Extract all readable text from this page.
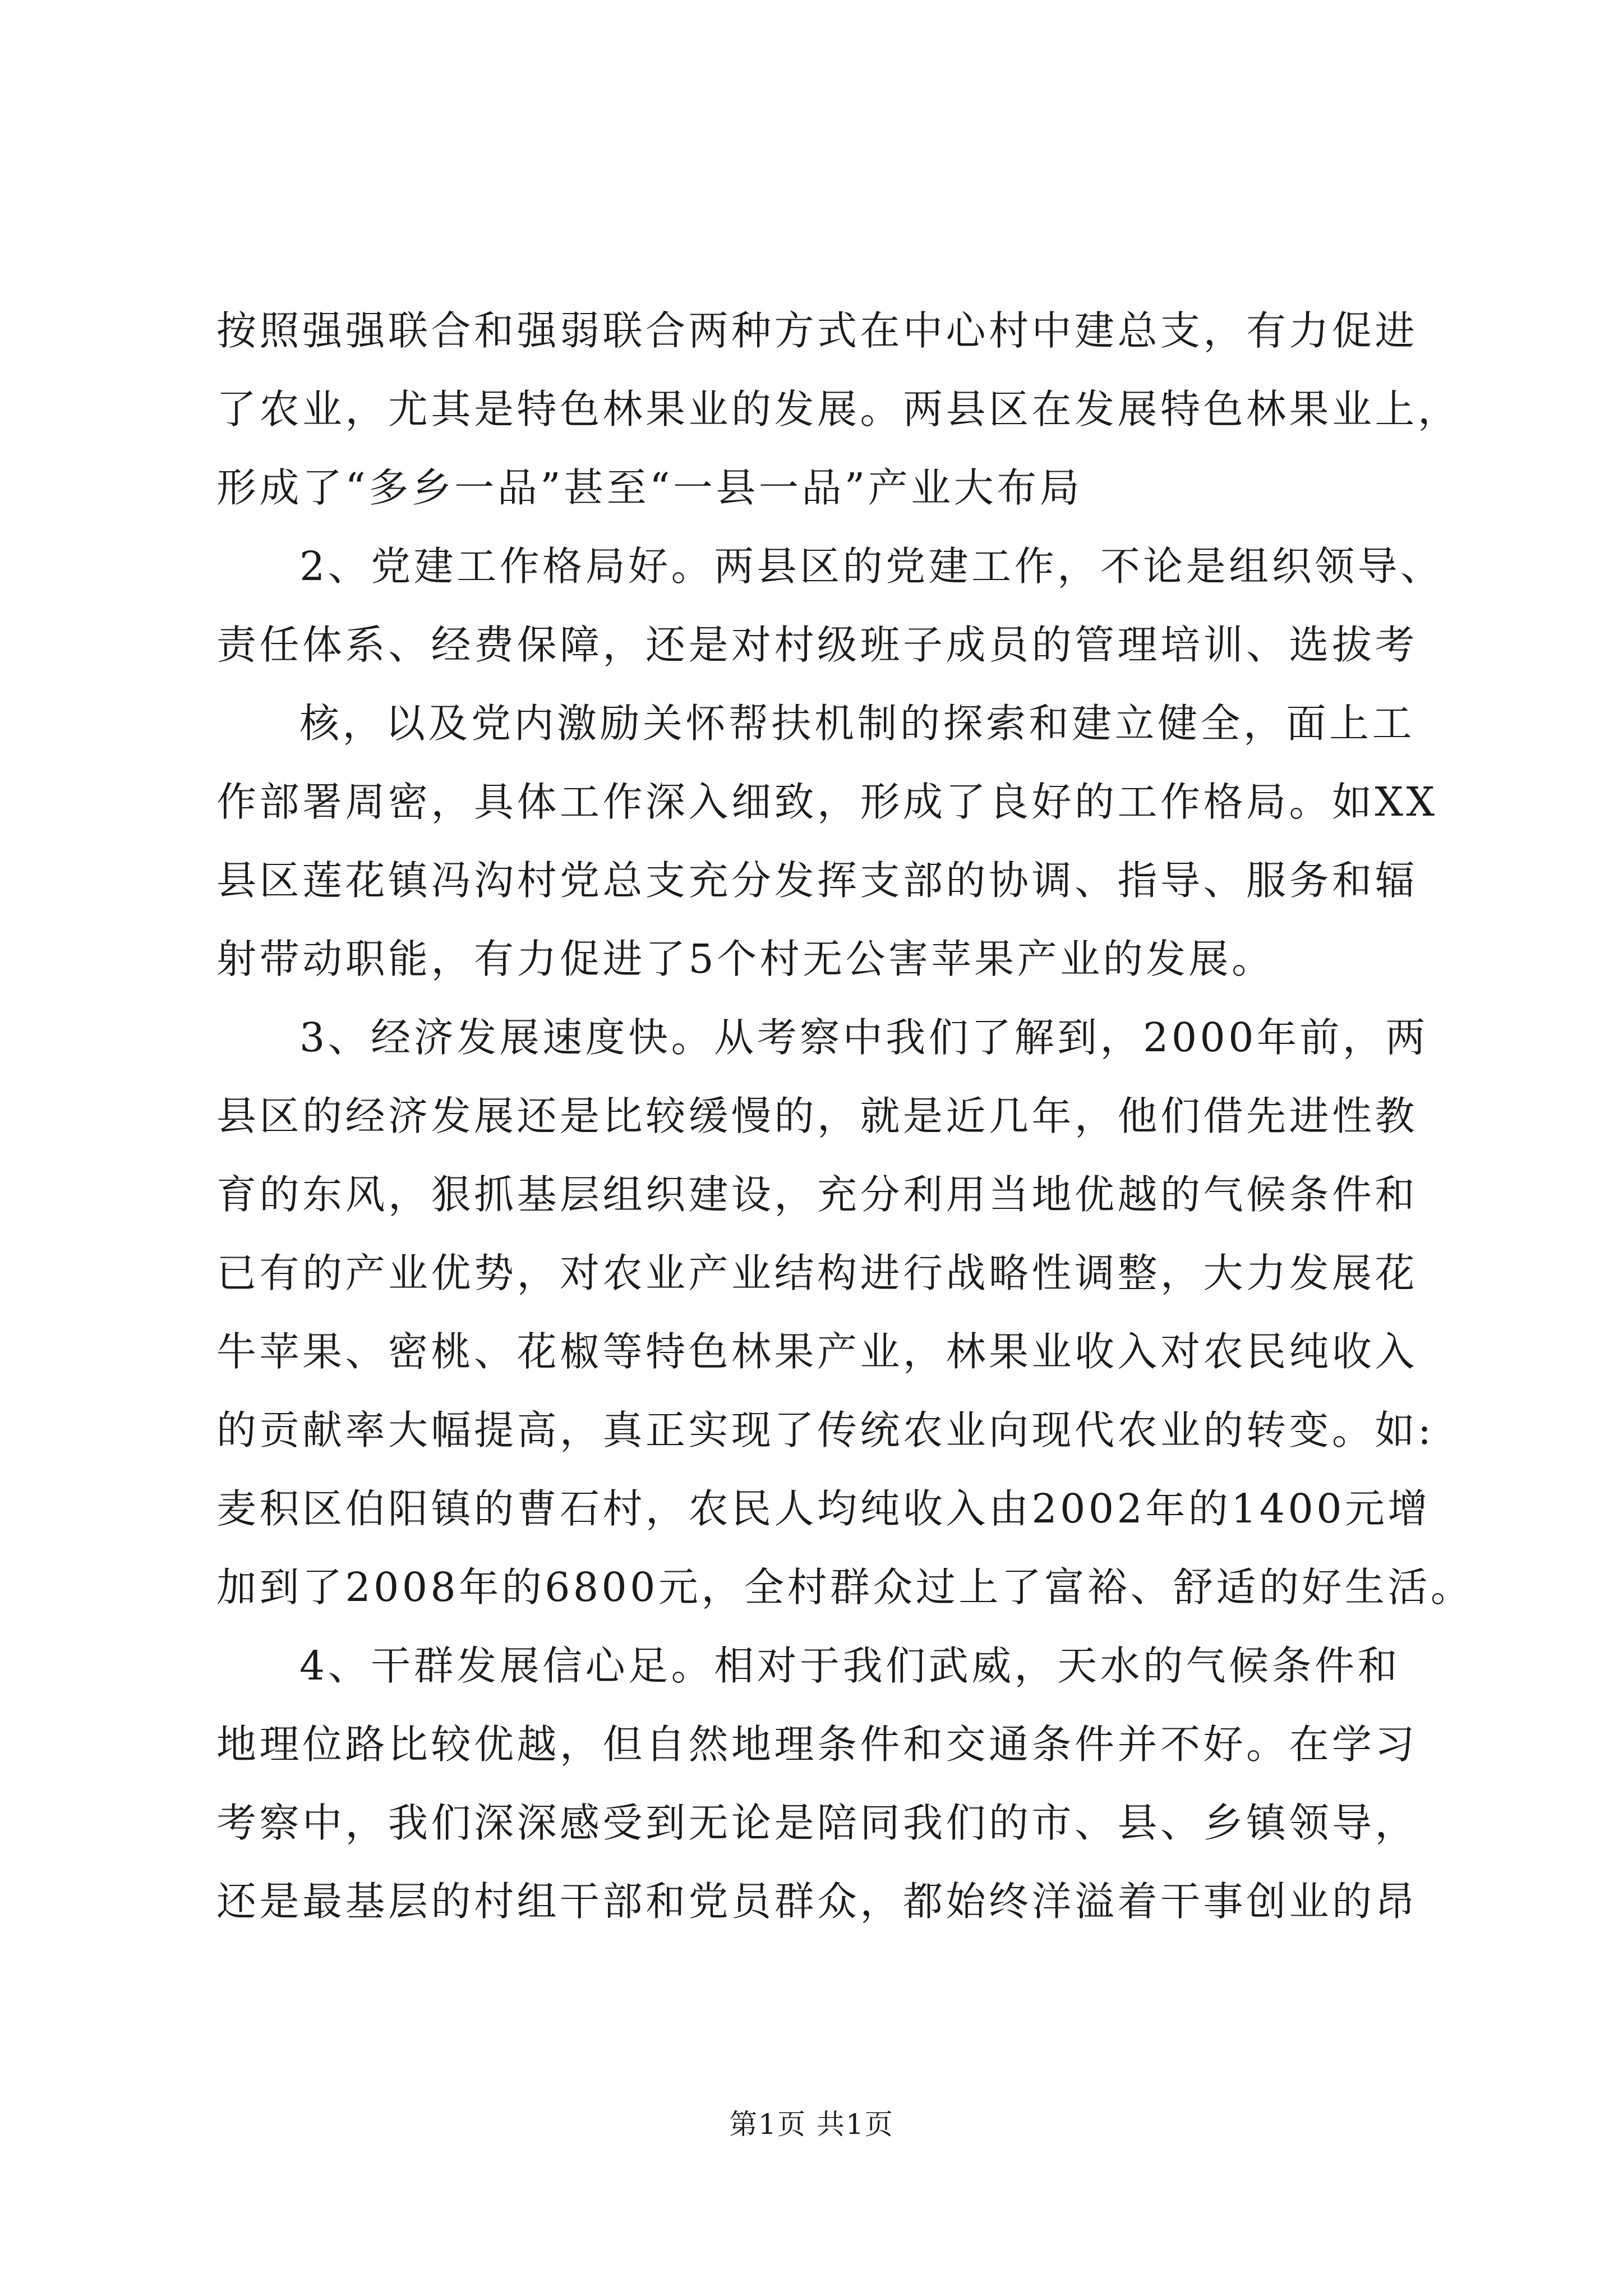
按照强强联合和强弱联合两种方式在中心村中建总支，有力促进
了农业，尤其是特色林果业的发展。两县区在发展特色林果业上，
形成了“多乡一品”甚至“一县一品”产业大布局
2、党建工作格局好。两县区的党建工作，不论是组织领导、
责任体系、经费保障，还是对村级班子成员的管理培训、选拔考
核，以及党内激励关怀帮扶机制的探索和建立健全，面上工
作部署周密，具体工作深入细致，形成了良好的工作格局。如XX
县区莲花镇冯沟村党总支充分发挥支部的协调、指导、服务和辐
射带动职能，有力促进了5个村无公害苹果产业的发展。
3、经济发展速度快。从考察中我们了解到，2000年前，两
县区的经济发展还是比较缓慢的，就是近几年，他们借先进性教
育的东风，狠抓基层组织建设，充分利用当地优越的气候条件和
已有的产业优势，对农业产业结构进行战略性调整，大力发展花
牛苹果、密桃、花椒等特色林果产业，林果业收入对农民纯收入
的贡献率大幅提高，真正实现了传统农业向现代农业的转变。如:
麦积区伯阳镇的曹石村，农民人均纯收入由2002年的1400元增
加到了2008年的6800元，全村群众过上了富裕、舒适的好生活。
4、干群发展信心足。相对于我们武威，天水的气候条件和
地理位路比较优越，但自然地理条件和交通条件并不好。在学习
考察中，我们深深感受到无论是陪同我们的市、县、乡镇领导，
还是最基层的村组干部和党员群众，都始终洋溢着干事创业的昂
第1页 共1页
